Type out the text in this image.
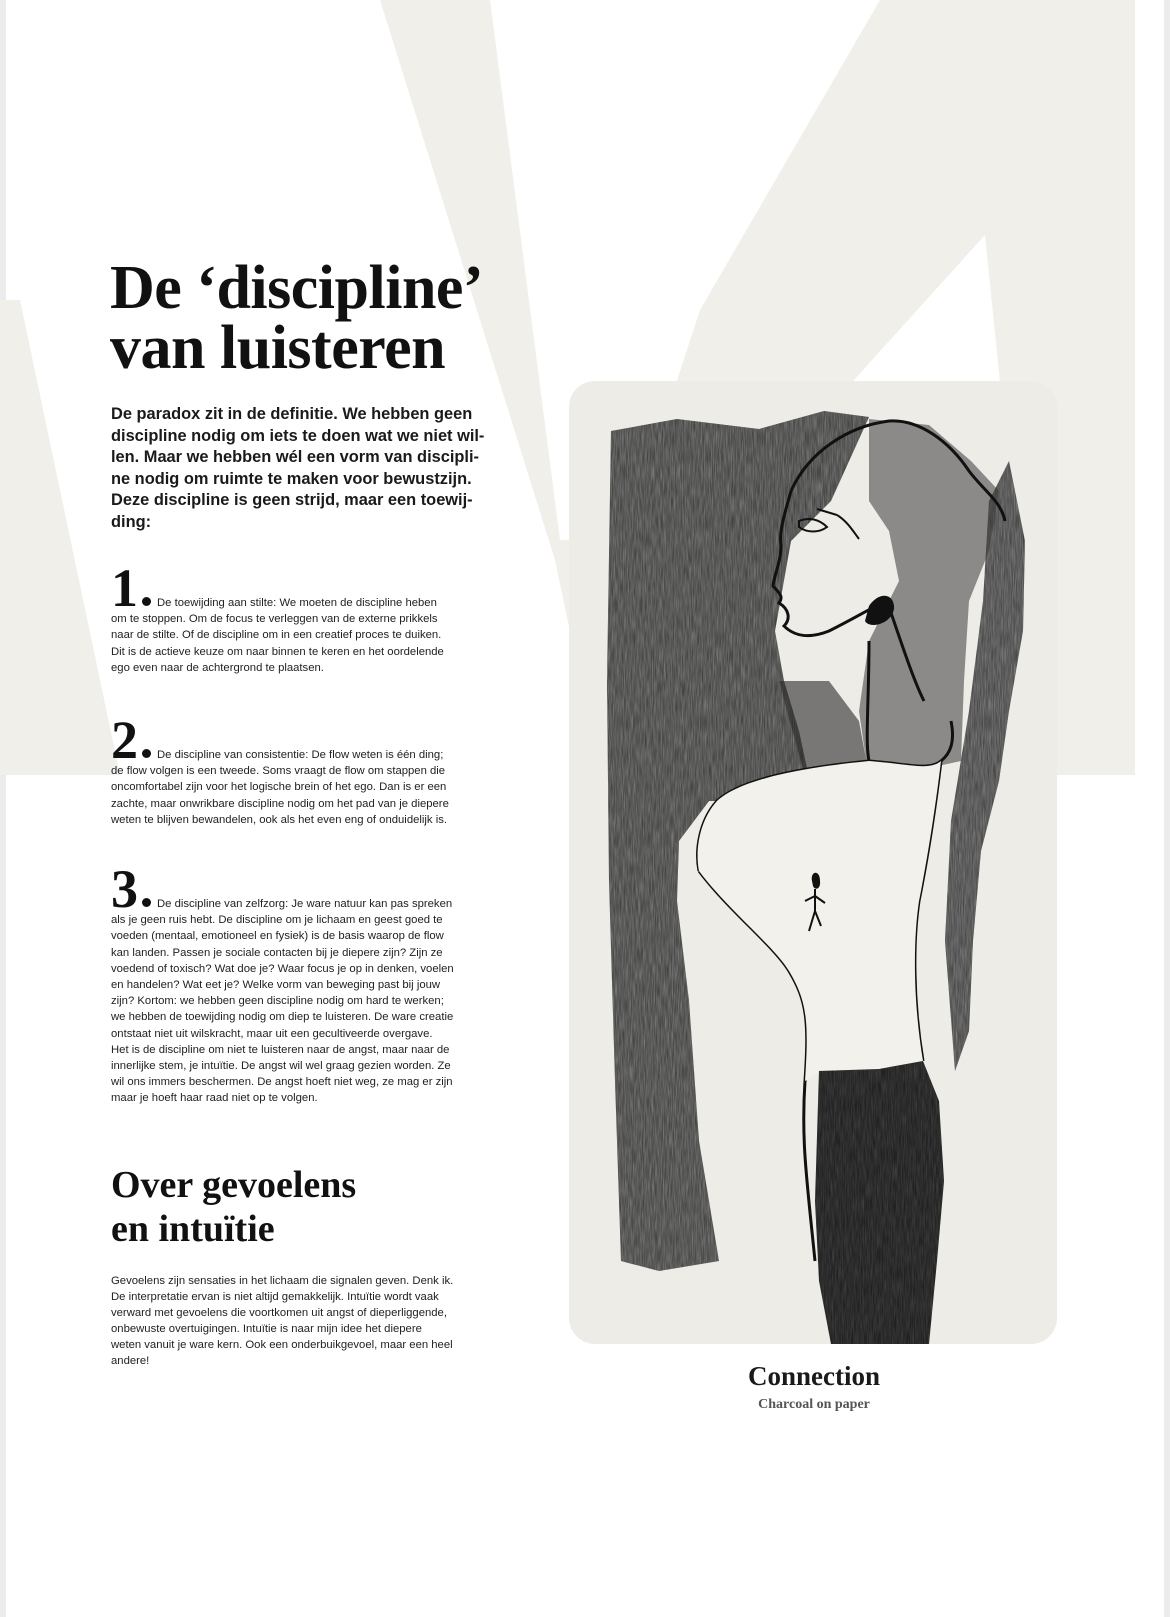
De ‘discipline’
van luisteren

De paradox zit in de definitie. We hebben geen
discipline nodig om iets te doen wat we niet wil-
len. Maar we hebben wél een vorm van discipli-
ne nodig om ruimte te maken voor bewustzijn.
Deze discipline is geen strijd, maar een toewij-
ding:

1 De toewijding aan stilte: We moeten de discipline heben
om te stoppen. Om de focus te verleggen van de externe prikkels
naar de stilte. Of de discipline om in een creatief proces te duiken.
Dit is de actieve keuze om naar binnen te keren en het oordelende
ego even naar de achtergrond te plaatsen.
2 De discipline van consistentie: De flow weten is één ding;
de flow volgen is een tweede. Soms vraagt de flow om stappen die
oncomfortabel zijn voor het logische brein of het ego. Dan is er een
zachte, maar onwrikbare discipline nodig om het pad van je diepere
weten te blijven bewandelen, ook als het even eng of onduidelijk is.
3 De discipline van zelfzorg: Je ware natuur kan pas spreken
als je geen ruis hebt. De discipline om je lichaam en geest goed te
voeden (mentaal, emotioneel en fysiek) is de basis waarop de flow
kan landen. Passen je sociale contacten bij je diepere zijn? Zijn ze
voedend of toxisch? Wat doe je? Waar focus je op in denken, voelen
en handelen? Wat eet je? Welke vorm van beweging past bij jouw
zijn? Kortom: we hebben geen discipline nodig om hard te werken;
we hebben de toewijding nodig om diep te luisteren. De ware creatie
ontstaat niet uit wilskracht, maar uit een gecultiveerde overgave.
Het is de discipline om niet te luisteren naar de angst, maar naar de
innerlijke stem, je intuïtie. De angst wil wel graag gezien worden. Ze
wil ons immers beschermen. De angst hoeft niet weg, ze mag er zijn
maar je hoeft haar raad niet op te volgen.
Over gevoelens
en intuïtie

Gevoelens zijn sensaties in het lichaam die signalen geven. Denk ik.
De interpretatie ervan is niet altijd gemakkelijk. Intuïtie wordt vaak
verward met gevoelens die voortkomen uit angst of dieperliggende,
onbewuste overtuigingen. Intuïtie is naar mijn idee het diepere
weten vanuit je ware kern. Ook een onderbuikgevoel, maar een heel
andere!	Connection
Charcoal on paper
